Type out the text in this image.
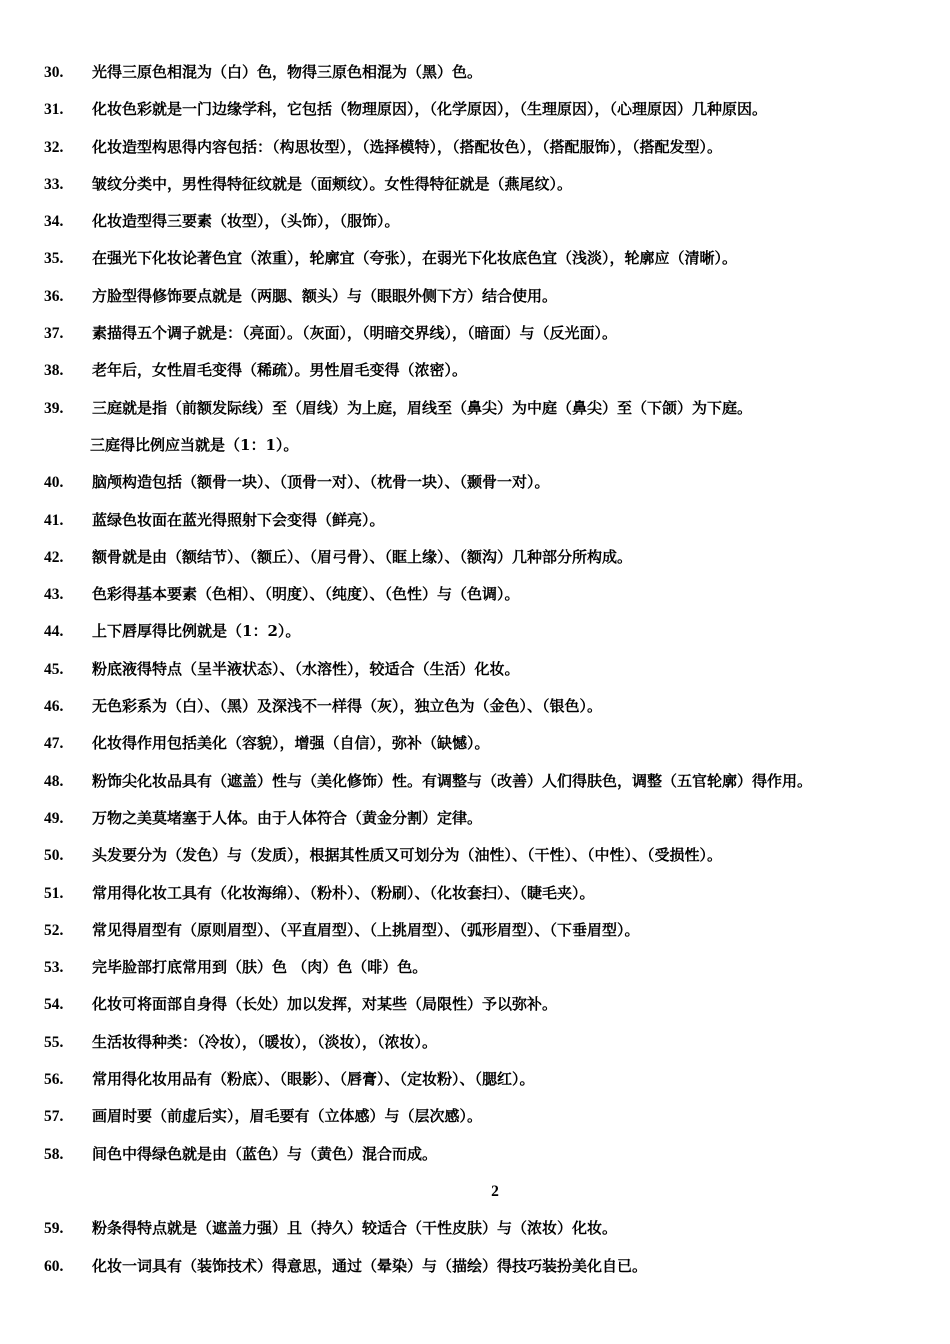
30. 光得三原色相混为（白）色，物得三原色相混为（黑）色。
31. 化妆色彩就是一门边缘学科，它包括（物理原因），（化学原因），（生理原因），（心理原因）几种原因。
32. 化妆造型构思得内容包括：（构思妆型），（选择模特），（搭配妆色），（搭配服饰），（搭配发型）。
33. 皱纹分类中，男性得特征纹就是（面颊纹）。女性得特征就是（燕尾纹）。
34. 化妆造型得三要素（妆型），（头饰），（服饰）。
35. 在强光下化妆论著色宜（浓重），轮廓宜（夸张），在弱光下化妆底色宜（浅淡），轮廓应（清晰）。
36. 方脸型得修饰要点就是（两腮、额头）与（眼眼外侧下方）结合使用。
37. 素描得五个调子就是：（亮面）。（灰面），（明暗交界线），（暗面）与（反光面）。
38. 老年后，女性眉毛变得（稀疏）。男性眉毛变得（浓密）。
39. 三庭就是指（前额发际线）至（眉线）为上庭，眉线至（鼻尖）为中庭（鼻尖）至（下颌）为下庭。
三庭得比例应当就是（1：1）。
40. 脑颅构造包括（额骨一块）、（顶骨一对）、（枕骨一块）、（颞骨一对）。
41. 蓝绿色妆面在蓝光得照射下会变得（鲜亮）。
42. 额骨就是由（额结节）、（额丘）、（眉弓骨）、（眶上缘）、（额沟）几种部分所构成。
43. 色彩得基本要素（色相）、（明度）、（纯度）、（色性）与（色调）。
44. 上下唇厚得比例就是（1：2）。
45. 粉底液得特点（呈半液状态）、（水溶性），较适合（生活）化妆。
46. 无色彩系为（白）、（黑）及深浅不一样得（灰），独立色为（金色）、（银色）。
47. 化妆得作用包括美化（容貌），增强（自信），弥补（缺憾）。
48. 粉饰尖化妆品具有（遮盖）性与（美化修饰）性。有调整与（改善）人们得肤色，调整（五官轮廓）得作用。
49. 万物之美莫堵塞于人体。由于人体符合（黄金分割）定律。
50. 头发要分为（发色）与（发质），根据其性质又可划分为（油性）、（干性）、（中性）、（受损性）。
51. 常用得化妆工具有（化妆海绵）、（粉朴）、（粉刷）、（化妆套扫）、（睫毛夹）。
52. 常见得眉型有（原则眉型）、（平直眉型）、（上挑眉型）、（弧形眉型）、（下垂眉型）。
53. 完毕脸部打底常用到（肤）色 （肉）色（啡）色。
54. 化妆可将面部自身得（长处）加以发挥，对某些（局限性）予以弥补。
55. 生活妆得种类：（冷妆），（暖妆），（淡妆），（浓妆）。
56. 常用得化妆用品有（粉底）、（眼影）、（唇膏）、（定妆粉）、（腮红）。
57. 画眉时要（前虚后实），眉毛要有（立体感）与（层次感）。
58. 间色中得绿色就是由（蓝色）与（黄色）混合而成。
2
59. 粉条得特点就是（遮盖力强）且（持久）较适合（干性皮肤）与（浓妆）化妆。
60. 化妆一词具有（装饰技术）得意思，通过（晕染）与（描绘）得技巧装扮美化自已。
